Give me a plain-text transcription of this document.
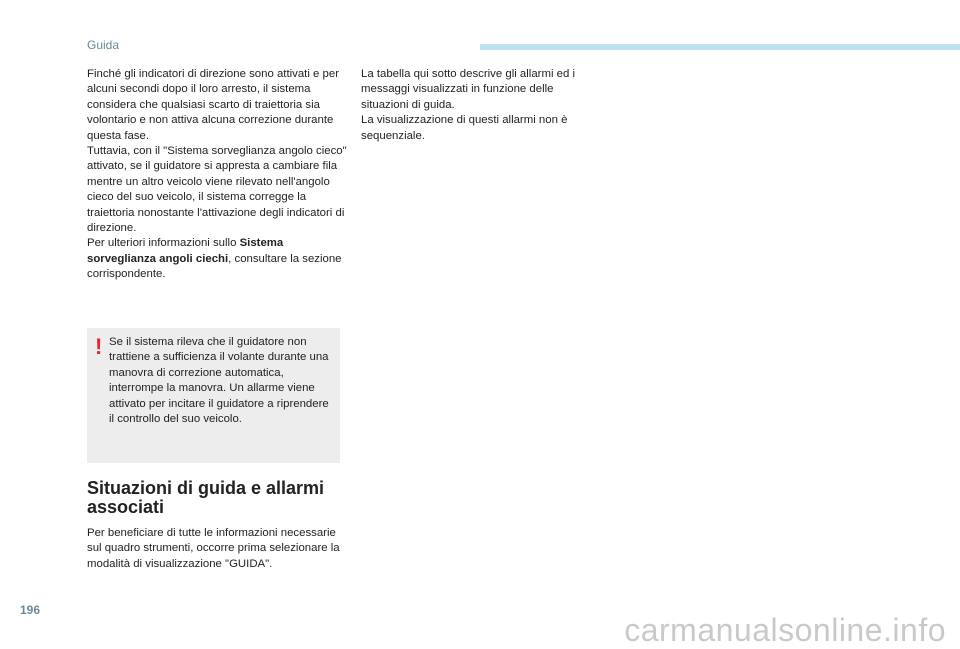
Guida

Finché gli indicatori di direzione sono attivati e per alcuni secondi dopo il loro arresto, il sistema considera che qualsiasi scarto di traiettoria sia volontario e non attiva alcuna correzione durante questa fase.

Tuttavia, con il "Sistema sorveglianza angolo cieco" attivato, se il guidatore si appresta a cambiare fila mentre un altro veicolo viene rilevato nell'angolo cieco del suo veicolo, il sistema corregge la traiettoria nonostante l'attivazione degli indicatori di direzione.

Per ulteriori informazioni sullo Sistema sorveglianza angoli ciechi, consultare la sezione corrispondente.

! Se il sistema rileva che il guidatore non trattiene a sufficienza il volante durante una manovra di correzione automatica, interrompe la manovra. Un allarme viene attivato per incitare il guidatore a riprendere il controllo del suo veicolo.
Situazioni di guida e allarmi associati

Per beneficiare di tutte le informazioni necessarie sul quadro strumenti, occorre prima selezionare la modalità di visualizzazione "GUIDA".

La tabella qui sotto descrive gli allarmi ed i messaggi visualizzati in funzione delle situazioni di guida.

La visualizzazione di questi allarmi non è sequenziale.

196
carmanualsonline.info
